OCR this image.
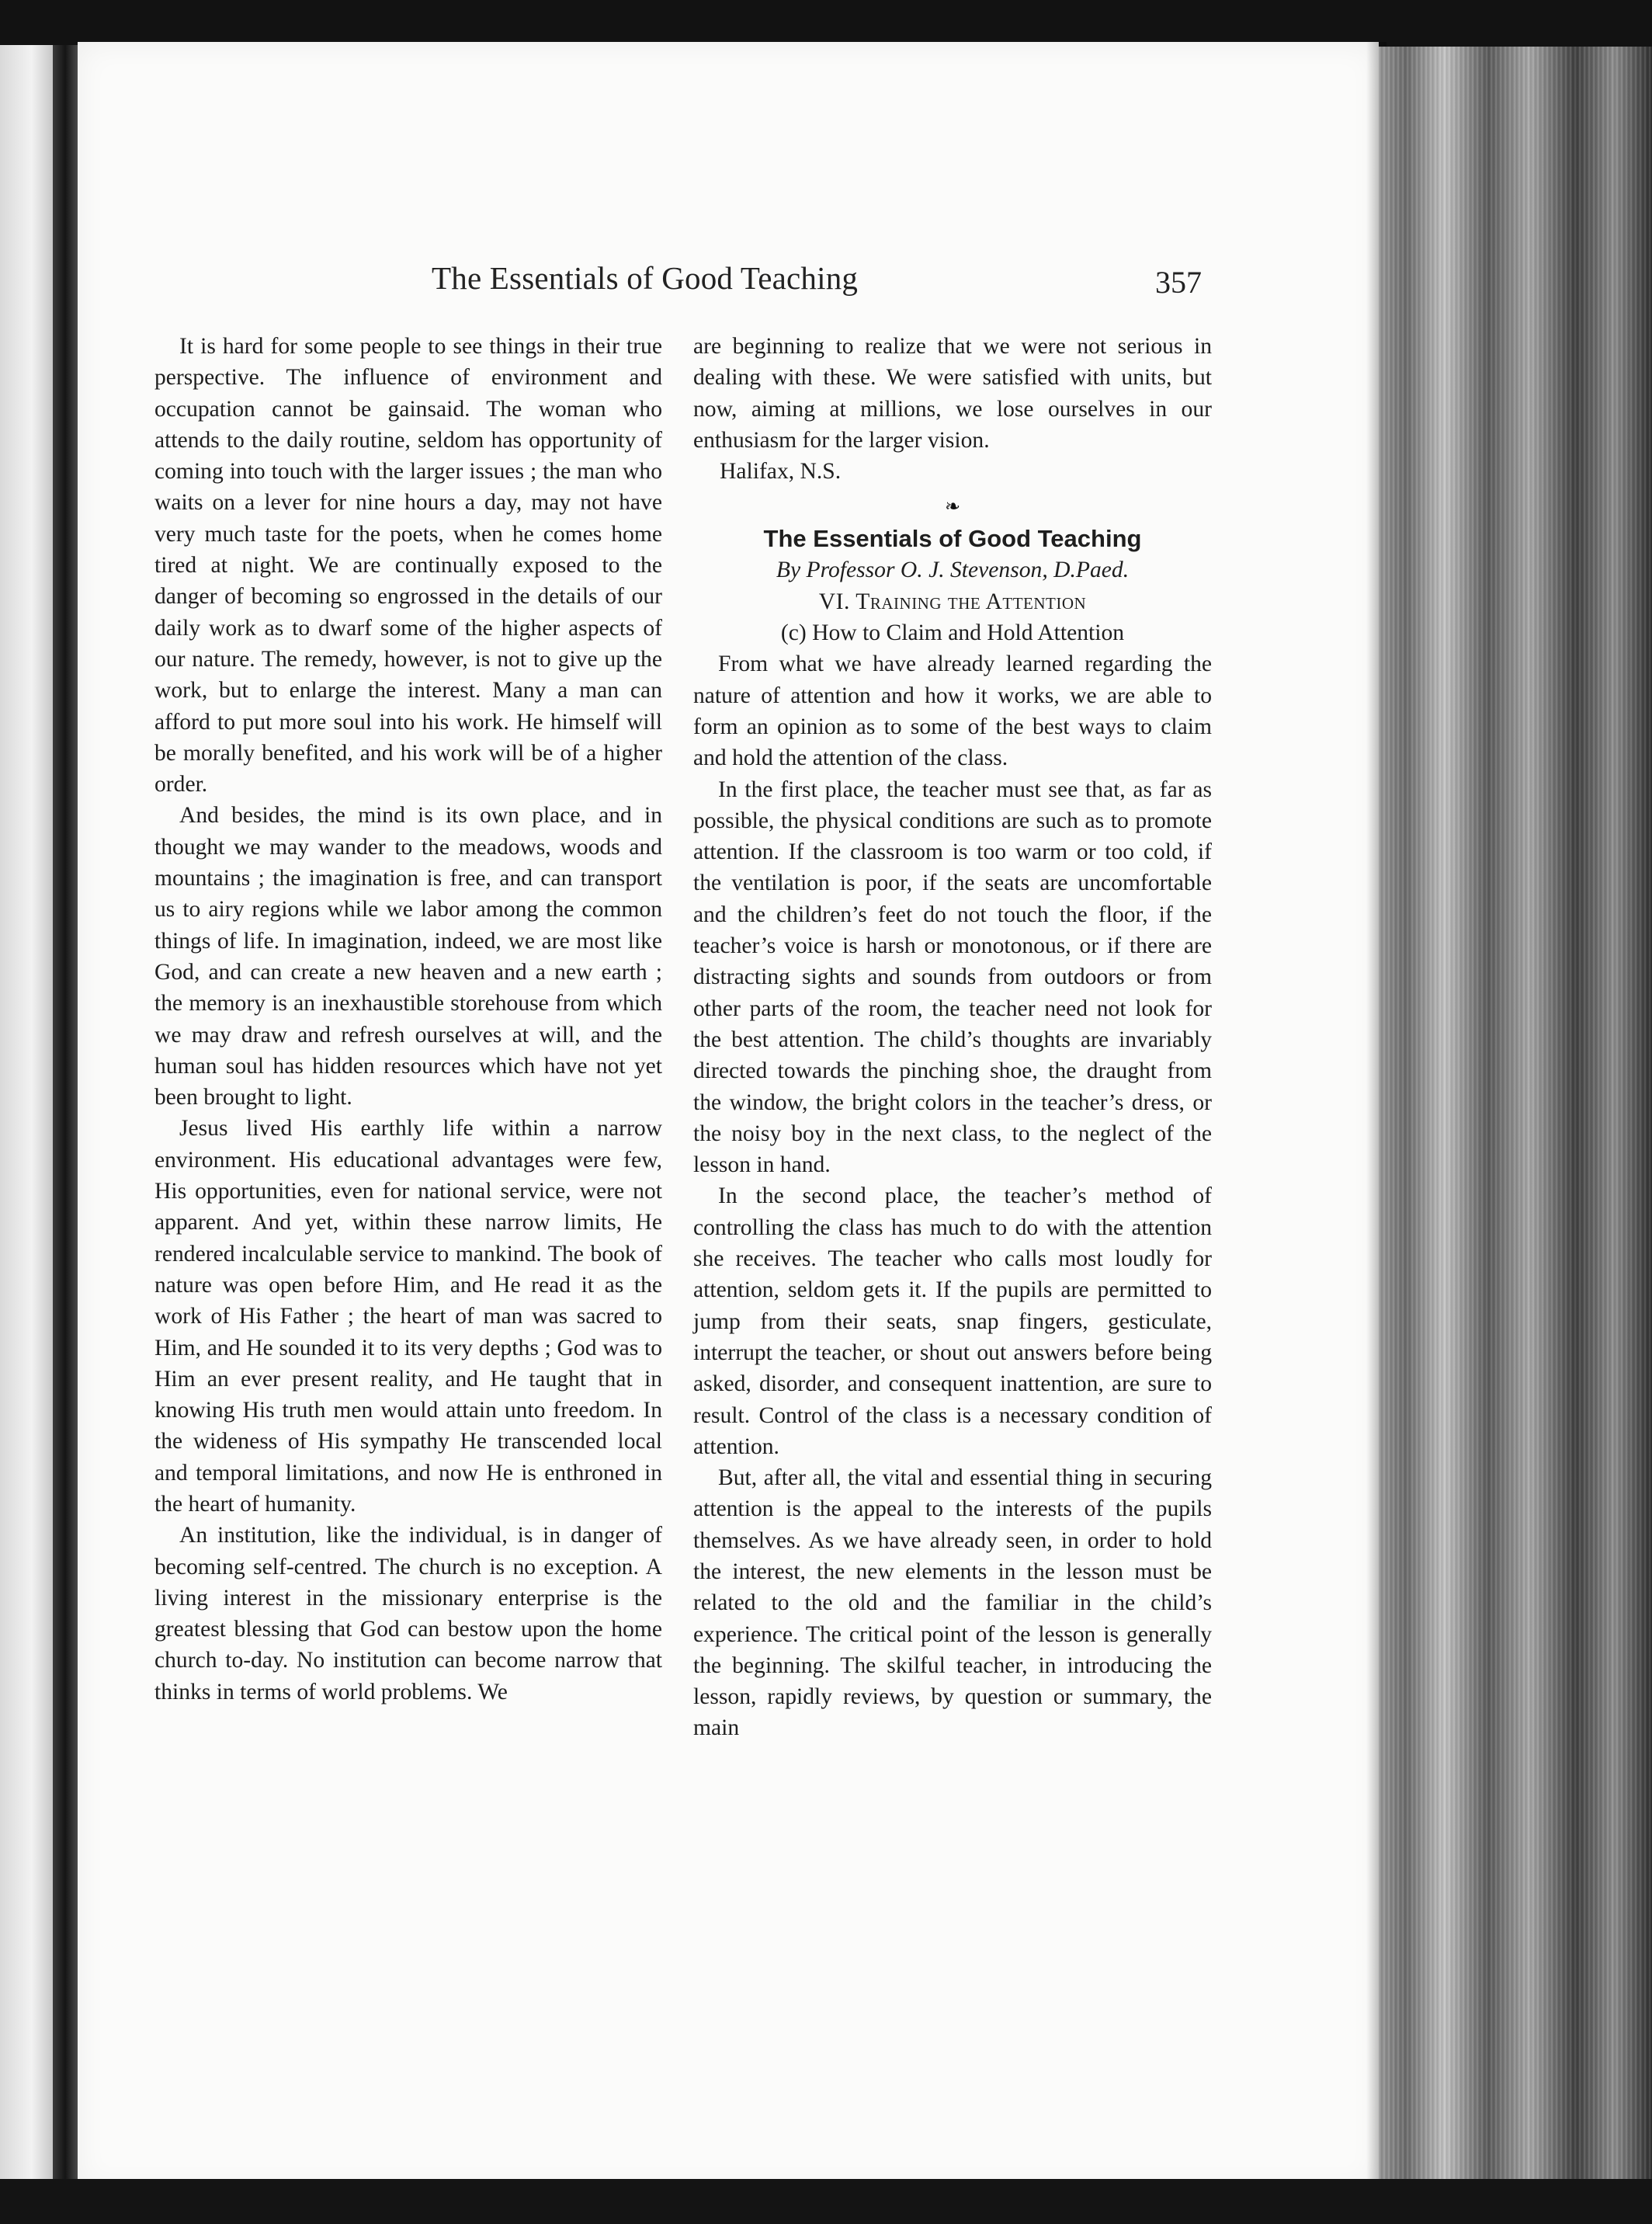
The Essentials of Good Teaching	357

It is hard for some people to see things in their true perspective. The influence of environment and occupation cannot be gainsaid. The woman who attends to the daily routine, seldom has opportunity of coming into touch with the larger issues ; the man who waits on a lever for nine hours a day, may not have very much taste for the poets, when he comes home tired at night. We are continually exposed to the danger of becoming so engrossed in the details of our daily work as to dwarf some of the higher aspects of our nature. The remedy, however, is not to give up the work, but to enlarge the interest. Many a man can afford to put more soul into his work. He himself will be morally benefited, and his work will be of a higher order.

And besides, the mind is its own place, and in thought we may wander to the meadows, woods and mountains ; the imagination is free, and can transport us to airy regions while we labor among the common things of life. In imagination, indeed, we are most like God, and can create a new heaven and a new earth ; the memory is an inexhaustible storehouse from which we may draw and refresh ourselves at will, and the human soul has hidden resources which have not yet been brought to light.

Jesus lived His earthly life within a narrow environment. His educational advantages were few, His opportunities, even for national service, were not apparent. And yet, within these narrow limits, He rendered incalculable service to mankind. The book of nature was open before Him, and He read it as the work of His Father ; the heart of man was sacred to Him, and He sounded it to its very depths ; God was to Him an ever present reality, and He taught that in knowing His truth men would attain unto freedom. In the wideness of His sympathy He transcended local and temporal limitations, and now He is enthroned in the heart of humanity.

An institution, like the individual, is in danger of becoming self-centred. The church is no exception. A living interest in the missionary enterprise is the greatest blessing that God can bestow upon the home church to-day. No institution can become narrow that thinks in terms of world problems. We

are beginning to realize that we were not serious in dealing with these. We were satisfied with units, but now, aiming at millions, we lose ourselves in our enthusiasm for the larger vision.

Halifax, N.S.

❧
The Essentials of Good Teaching
By Professor O. J. Stevenson, D.Paed.
VI. Training the Attention
(c) How to Claim and Hold Attention

From what we have already learned regarding the nature of attention and how it works, we are able to form an opinion as to some of the best ways to claim and hold the attention of the class.

In the first place, the teacher must see that, as far as possible, the physical conditions are such as to promote attention. If the classroom is too warm or too cold, if the ventilation is poor, if the seats are uncomfortable and the children’s feet do not touch the floor, if the teacher’s voice is harsh or monotonous, or if there are distracting sights and sounds from outdoors or from other parts of the room, the teacher need not look for the best attention. The child’s thoughts are invariably directed towards the pinching shoe, the draught from the window, the bright colors in the teacher’s dress, or the noisy boy in the next class, to the neglect of the lesson in hand.

In the second place, the teacher’s method of controlling the class has much to do with the attention she receives. The teacher who calls most loudly for attention, seldom gets it. If the pupils are permitted to jump from their seats, snap fingers, gesticulate, interrupt the teacher, or shout out answers before being asked, disorder, and consequent inattention, are sure to result. Control of the class is a necessary condition of attention.

But, after all, the vital and essential thing in securing attention is the appeal to the interests of the pupils themselves. As we have already seen, in order to hold the interest, the new elements in the lesson must be related to the old and the familiar in the child’s experience. The critical point of the lesson is generally the beginning. The skilful teacher, in introducing the lesson, rapidly reviews, by question or summary, the main
